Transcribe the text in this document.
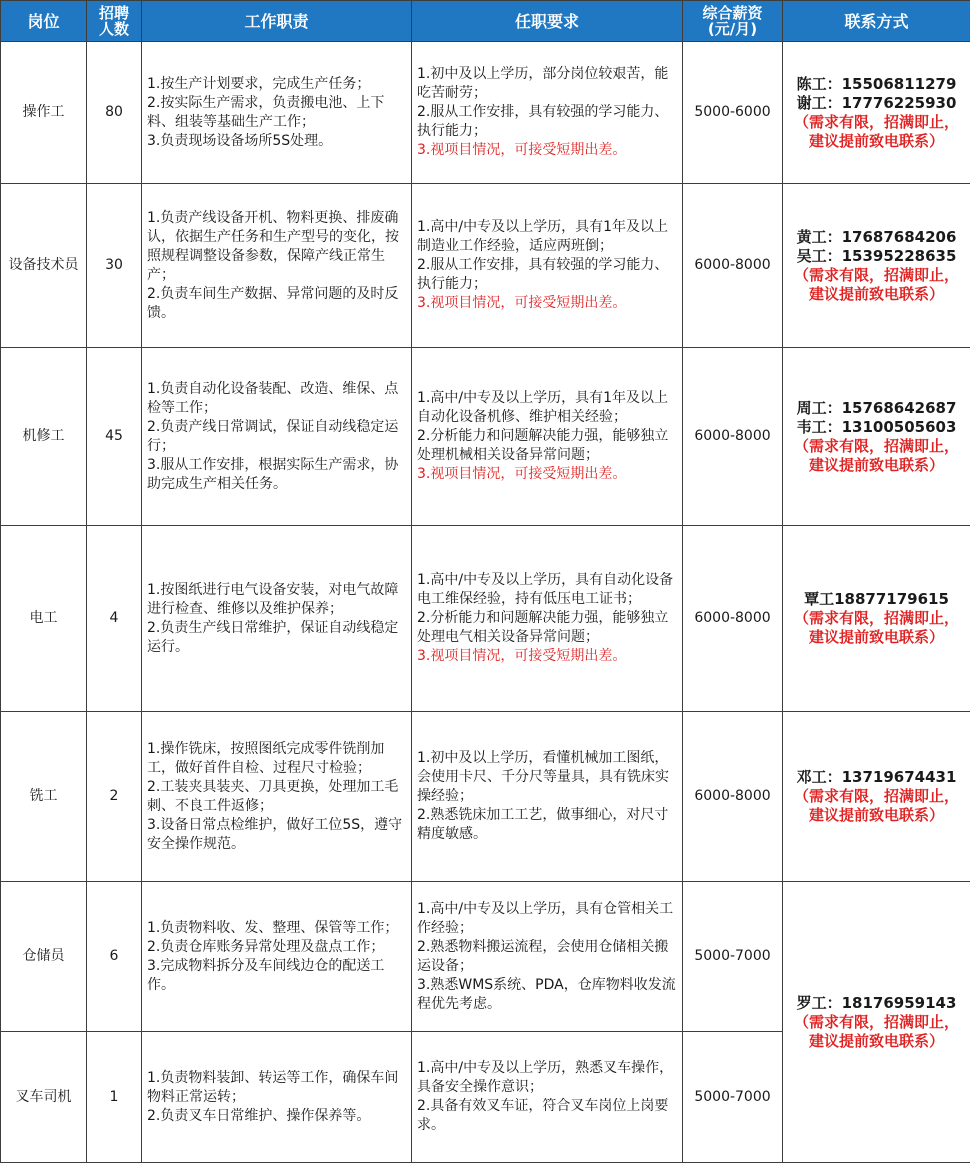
岗位	招聘
人数	工作职责	任职要求	综合薪资
(元/月)	联系方式
操作工	80	1.按生产计划要求，完成生产任务；
2.按实际生产需求，负责搬电池、上下料、组装等基础生产工作；
3.负责现场设备场所5S处理。	1.初中及以上学历，部分岗位较艰苦，能吃苦耐劳；
2.服从工作安排，具有较强的学习能力、执行能力；
3.视项目情况，可接受短期出差。	5000-6000	陈工：15506811279
谢工：17776225930
（需求有限，招满即止，建议提前致电联系）

设备技术员	30	1.负责产线设备开机、物料更换、排废确认，依据生产任务和生产型号的变化，按照规程调整设备参数，保障产线正常生产；
2.负责车间生产数据、异常问题的及时反馈。	1.高中/中专及以上学历，具有1年及以上制造业工作经验，适应两班倒；
2.服从工作安排，具有较强的学习能力、执行能力；
3.视项目情况，可接受短期出差。	6000-8000	黄工：17687684206
吴工：15395228635
（需求有限，招满即止，建议提前致电联系）

机修工	45	1.负责自动化设备装配、改造、维保、点检等工作；
2.负责产线日常调试，保证自动线稳定运行；
3.服从工作安排，根据实际生产需求，协助完成生产相关任务。	1.高中/中专及以上学历，具有1年及以上自动化设备机修、维护相关经验；
2.分析能力和问题解决能力强，能够独立处理机械相关设备异常问题；
3.视项目情况，可接受短期出差。	6000-8000	周工：15768642687
韦工：13100505603
（需求有限，招满即止，建议提前致电联系）

电工	4	1.按图纸进行电气设备安装，对电气故障进行检查、维修以及维护保养；
2.负责生产线日常维护，保证自动线稳定运行。	1.高中/中专及以上学历，具有自动化设备电工维保经验，持有低压电工证书；
2.分析能力和问题解决能力强，能够独立处理电气相关设备异常问题；
3.视项目情况，可接受短期出差。	6000-8000	覃工18877179615
（需求有限，招满即止，建议提前致电联系）

铣工	2	1.操作铣床，按照图纸完成零件铣削加工，做好首件自检、过程尺寸检验；
2.工装夹具装夹、刀具更换，处理加工毛刺、不良工件返修；
3.设备日常点检维护，做好工位5S，遵守安全操作规范。	1.初中及以上学历，看懂机械加工图纸，会使用卡尺、千分尺等量具，具有铣床实操经验；
2.熟悉铣床加工工艺，做事细心，对尺寸精度敏感。	6000-8000	邓工：13719674431
（需求有限，招满即止，建议提前致电联系）

仓储员	6	1.负责物料收、发、整理、保管等工作；
2.负责仓库账务异常处理及盘点工作；
3.完成物料拆分及车间线边仓的配送工作。	1.高中/中专及以上学历，具有仓管相关工作经验；
2.熟悉物料搬运流程，会使用仓储相关搬运设备；
3.熟悉WMS系统、PDA，仓库物料收发流程优先考虑。	5000-7000	罗工：18176959143
（需求有限，招满即止，建议提前致电联系）

叉车司机	1	1.负责物料装卸、转运等工作，确保车间物料正常运转；
2.负责叉车日常维护、操作保养等。	1.高中/中专及以上学历，熟悉叉车操作，具备安全操作意识；
2.具备有效叉车证，符合叉车岗位上岗要求。	5000-7000	
